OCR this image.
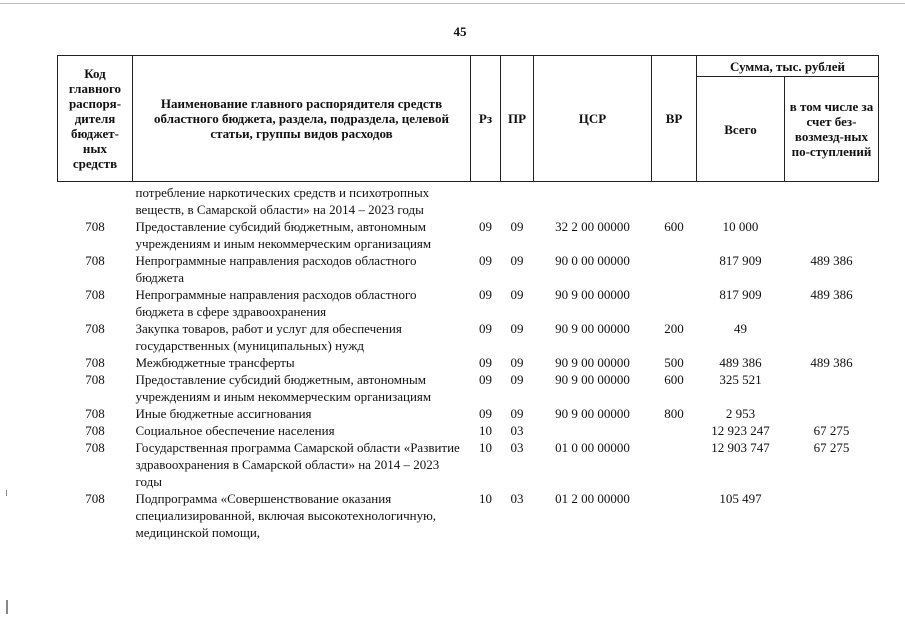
45
Код главного распоря-дителя бюджет-ных средств	Наименование главного распорядителя средств областного бюджета, раздела, подраздела, целевой статьи, группы видов расходов	Рз	ПР	ЦСР	ВР	Сумма, тыс. рублей	
						Всего	в том числе за счет без-возмезд-ных по-ступлений
	потребление наркотических средств и психотропных веществ, в Самарской области» на 2014 – 2023 годы						
708	Предоставление субсидий бюджетным, автономным учреждениям и иным некоммерческим организациям	09	09	32 2 00 00000	600	10 000	
708	Непрограммные направления расходов областного бюджета	09	09	90 0 00 00000		817 909	489 386
708	Непрограммные направления расходов областного бюджета в сфере здравоохранения	09	09	90 9 00 00000		817 909	489 386
708	Закупка товаров, работ и услуг для обеспечения государственных (муниципальных) нужд	09	09	90 9 00 00000	200	49	
708	Межбюджетные трансферты	09	09	90 9 00 00000	500	489 386	489 386
708	Предоставление субсидий бюджетным, автономным учреждениям и иным некоммерческим организациям	09	09	90 9 00 00000	600	325 521	
708	Иные бюджетные ассигнования	09	09	90 9 00 00000	800	2 953	
708	Социальное обеспечение населения	10	03			12 923 247	67 275
708	Государственная программа Самарской области «Развитие здравоохранения в Самарской области» на 2014 – 2023 годы	10	03	01 0 00 00000		12 903 747	67 275
708	Подпрограмма «Совершенствование оказания специализированной, включая высокотехнологичную, медицинской помощи,	10	03	01 2 00 00000		105 497	
